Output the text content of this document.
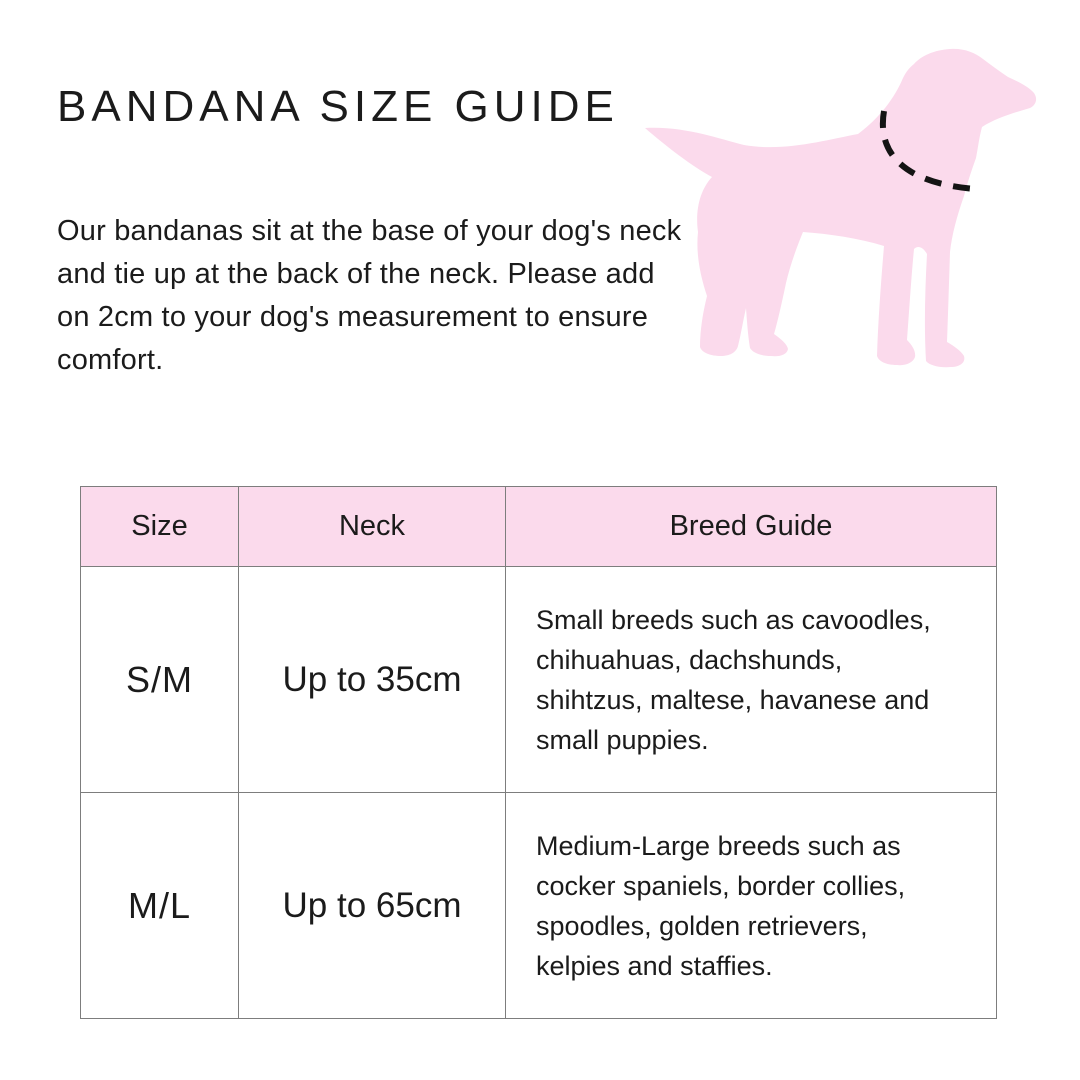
BANDANA SIZE GUIDE

Our bandanas sit at the base of your dog's neck and tie up at the back of the neck. Please add on 2cm to your dog's measurement to ensure comfort.

Size	Neck	Breed Guide
S/M	Up to 35cm	Small breeds such as cavoodles, chihuahuas, dachshunds, shihtzus, maltese, havanese and small puppies.
M/L	Up to 65cm	Medium-Large breeds such as cocker spaniels, border collies, spoodles, golden retrievers, kelpies and staffies.
